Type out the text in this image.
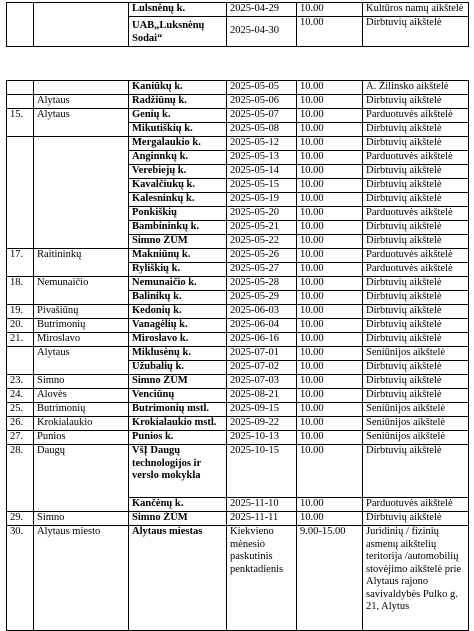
		Lulsnėnų k.	2025-04-29	10.00	Kultūros namų aikštelė
		UAB„Luksnėnų Sodai“	2025-04-30	10.00	Dirbtuvių aikštelė
		Kaniūkų k.	2025-05-05	10.00	A. Žilinsko aikštelė
	Alytaus	Radžiūnų k.	2025-05-06	10.00	Dirbtuvių aikštelė
15.	Alytaus	Genių k.	2025-05-07	10.00	Parduotuvės aikštelė
		Mikutiškių k.	2025-05-08	10.00	Dirbtuvių aikštelė
		Mergalaukio k.	2025-05-12	10.00	Dirbtuvių aikštelė
		Anginnkų k.	2025-05-13	10.00	Parduotuvės aikštelė
		Verebiejų k.	2025-05-14	10.00	Dirbtuvių aikštelė
		Kavalčiukų k.	2025-05-15	10.00	Dirbtuvių aikštelė
		Kalesninkų k.	2025-05-19	10.00	Dirbtuvių aikštelė
		Ponkiškių	2025-05-20	10.00	Parduotuvės aikštelė
		Bambininkų k.	2025-05-21	10.00	Dirbtuvių aikštelė
		Simno ŽŪM	2025-05-22	10.00	Dirbtuvių aikštelė
17.	Raitininkų	Makniūnų k.	2025-05-26	10.00	Parduotuvės aikštelė
		Ryliškių k.	2025-05-27	10.00	Parduotuvės aikštelė
18.	Nemunaičio	Nemunaičio k.	2025-05-28	10.00	Dirbtuvių aikštelė
		Balinikų k.	2025-05-29	10.00	Dirbtuvių aikštelė
19.	Pivašiūnų	Kedonių k.	2025-06-03	10.00	Dirbtuvių aikštelė
20.	Butrimonių	Vanagėlių k.	2025-06-04	10.00	Dirbtuvių aikštelė
21.	Miroslavo	Miroslavo k.	2025-06-16	10.00	Dirbtuvių aikštelė
	Alytaus	Miklusėnų k.	2025-07-01	10.00	Seniūnijos aikštelė
		Užubalių k.	2025-07-02	10.00	Dirbtuvių aikštelė
23.	Simno	Simno ŽŪM	2025-07-03	10.00	Dirbtuvių aikštelė
24.	Alovės	Venciūnų	2025-08-21	10.00	Dirbtuvių aikštelė
25.	Butrimonių	Butrimonių mstl.	2025-09-15	10.00	Seniūnijos aikštelė
26.	Krokialaukio	Krokialaukio mstl.	2025-09-22	10.00	Seniūnijos aikštelė
27.	Punios	Punios k.	2025-10-13	10.00	Seniūnijos aikštelė
28.	Daugų	VšĮ Daugų technologijos ir verslo mokykla	2025-10-15	10.00	Dirbtuvių aikštelė
		Kančėnų k.	2025-11-10	10.00	Parduotuvės aikštelė
29.	Simno	Simno ŽŪM	2025-11-11	10.00	Dirbtuvių aikštelė
30.	Alytaus miesto	Alytaus miestas	Kiekvieno mėnesio paskutinis penktadienis	9.00-15.00	Juridinių / fizinių asmenų aikštelių teritorija /automobilių stovėjimo aikštelė prie Alytaus rajono savivaldybės Pulko g. 21, Alytus
